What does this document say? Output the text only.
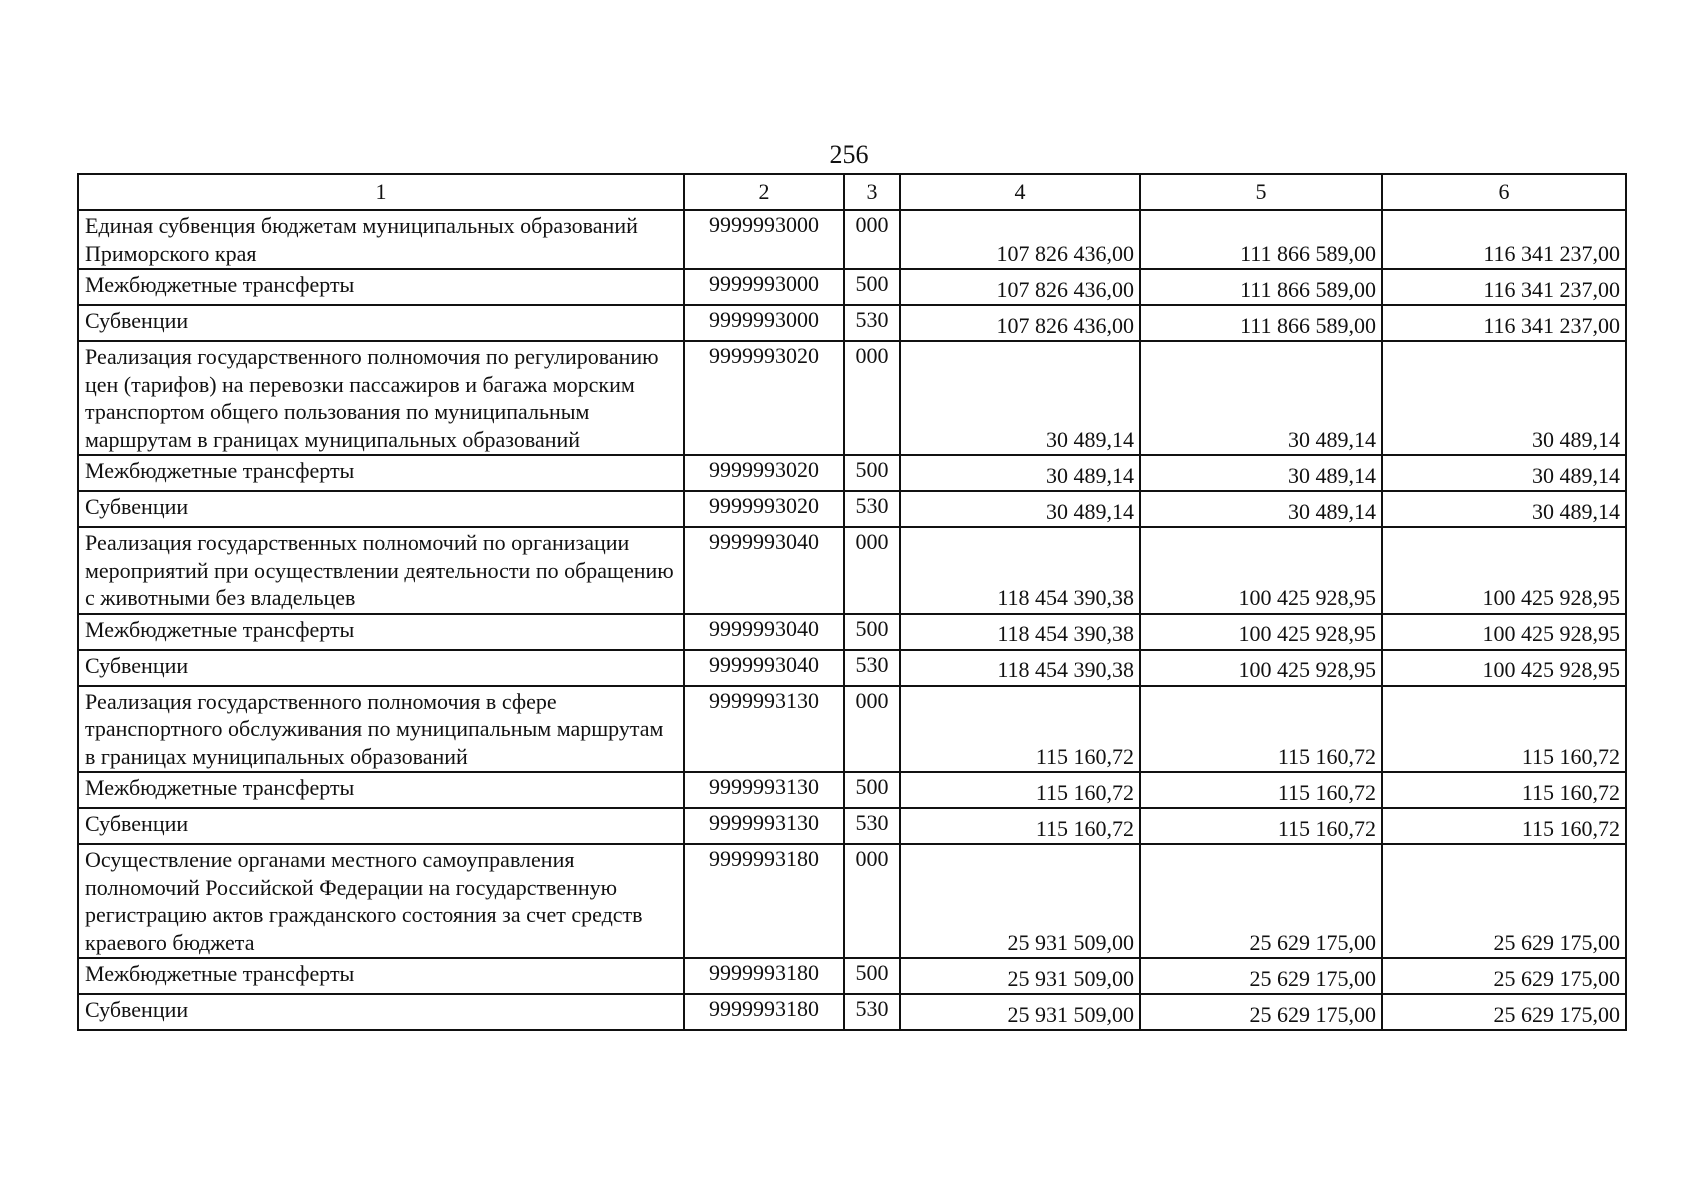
256
1	2	3	4	5	6
Единая субвенция бюджетам муниципальных образований Приморского края	9999993000	000	107 826 436,00	111 866 589,00	116 341 237,00
Межбюджетные трансферты	9999993000	500	107 826 436,00	111 866 589,00	116 341 237,00
Субвенции	9999993000	530	107 826 436,00	111 866 589,00	116 341 237,00
Реализация государственного полномочия по регулированию цен (тарифов) на перевозки пассажиров и багажа морским транспортом общего пользования по муниципальным маршрутам в границах муниципальных образований	9999993020	000	30 489,14	30 489,14	30 489,14
Межбюджетные трансферты	9999993020	500	30 489,14	30 489,14	30 489,14
Субвенции	9999993020	530	30 489,14	30 489,14	30 489,14
Реализация государственных полномочий по организации мероприятий при осуществлении деятельности по обращению с животными без владельцев	9999993040	000	118 454 390,38	100 425 928,95	100 425 928,95
Межбюджетные трансферты	9999993040	500	118 454 390,38	100 425 928,95	100 425 928,95
Субвенции	9999993040	530	118 454 390,38	100 425 928,95	100 425 928,95
Реализация государственного полномочия в сфере транспортного обслуживания по муниципальным маршрутам в границах муниципальных образований	9999993130	000	115 160,72	115 160,72	115 160,72
Межбюджетные трансферты	9999993130	500	115 160,72	115 160,72	115 160,72
Субвенции	9999993130	530	115 160,72	115 160,72	115 160,72
Осуществление органами местного самоуправления полномочий Российской Федерации на государственную регистрацию актов гражданского состояния за счет средств краевого бюджета	9999993180	000	25 931 509,00	25 629 175,00	25 629 175,00
Межбюджетные трансферты	9999993180	500	25 931 509,00	25 629 175,00	25 629 175,00
Субвенции	9999993180	530	25 931 509,00	25 629 175,00	25 629 175,00
